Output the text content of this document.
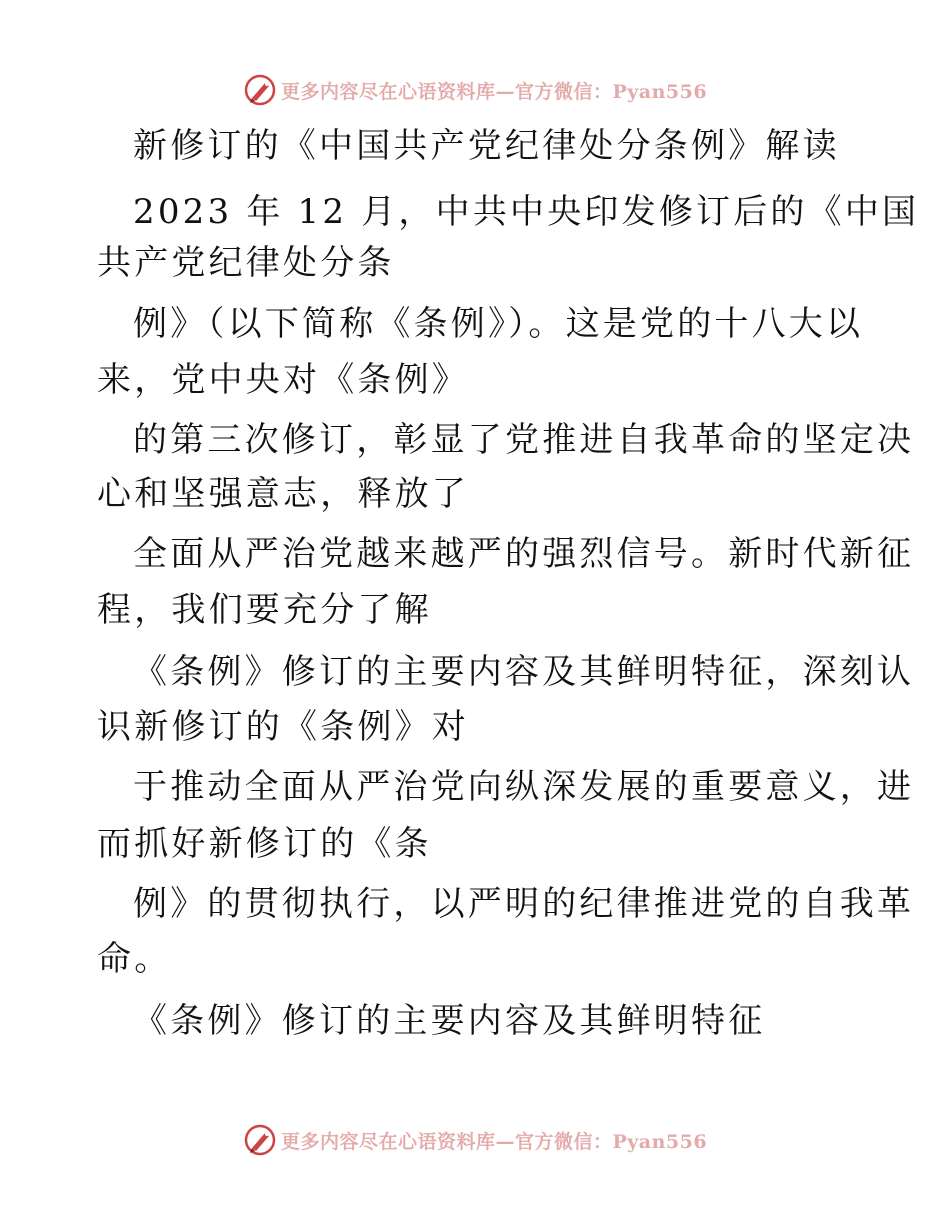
更多内容尽在心语资料库—官方微信：Pyan556
新修订的《中国共产党纪律处分条例》解读
2023 年 12 月，中共中央印发修订后的《中国
共产党纪律处分条
例》（以下简称《条例》）。这是党的十八大以
来，党中央对《条例》
的第三次修订，彰显了党推进自我革命的坚定决
心和坚强意志，释放了
全面从严治党越来越严的强烈信号。新时代新征
程，我们要充分了解
《条例》修订的主要内容及其鲜明特征，深刻认
识新修订的《条例》对
于推动全面从严治党向纵深发展的重要意义，进
而抓好新修订的《条
例》的贯彻执行，以严明的纪律推进党的自我革
命。
《条例》修订的主要内容及其鲜明特征
更多内容尽在心语资料库—官方微信：Pyan556
